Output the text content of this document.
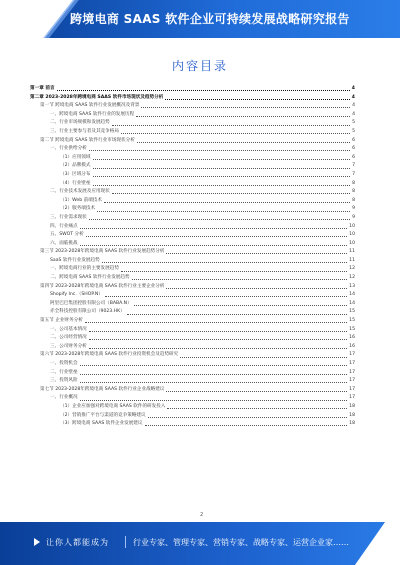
跨境电商 SAAS 软件企业可持续发展战略研究报告
内容目录
第一章 前言	4
第二章 2023-2028年跨境电商 SAAS 软件市场现状及趋势分析	4
第一节 跨境电商 SAAS 软件行业发展概况及背景	4
一、跨境电商 SAAS 软件行业的发展历程	4
二、行业市场规模和发展趋势	5
三、行业主要参与者及其竞争格局	5
第二节 跨境电商 SAAS 软件行业市场现状分析	6
一、行业供给分析	6
（1）应用领域	6
（2）品牌模式	7
（3）区域分布	7
（4）行业壁垒	8
二、行业技术发展及应用现状	8
（1）Web 前端技术	8
（2）服务端技术	9
三、行业需求现状	9
四、行业痛点	10
五、SWOT 分析	10
六、面临挑战	10
第三节 2023-2028年跨境电商 SAAS 软件行业发展趋势分析	11
SaaS 软件行业发展趋势	11
一、跨境电商行业的主要发展趋势	12
二、跨境电商 SAAS 软件行业发展趋势	12
第四节 2023-2028年跨境电商 SAAS 软件行业主要企业分析	13
Shopify Inc.（SHOP.N）	14
阿里巴巴集团控股有限公司（BABA.N）	14
赤全科技控股有限公司（9023.HK）	15
第五节 企业财务分析	15
一、公司基本情况	15
二、公司经营情况	16
三、公司财务分析	16
第六节 2023-2028年跨境电商 SAAS 软件行业投资机会及趋势研究	17
一、投资机会	17
二、行业壁垒	17
三、投资风险	17
第七节 2023-2028年跨境电商 SAAS 软件行业企业战略建议	17
一、行业概况	17
（1）企业应加强对跨境电商 SAAS 软件的研发投入	18
（2）营销推广平台与渠道的竞争策略建议	18
（3）跨境电商 SAAS 软件企业发展建议	18
2
让你人都能成为	行业专家、管理专家、营销专家、战略专家、运营企业家……
